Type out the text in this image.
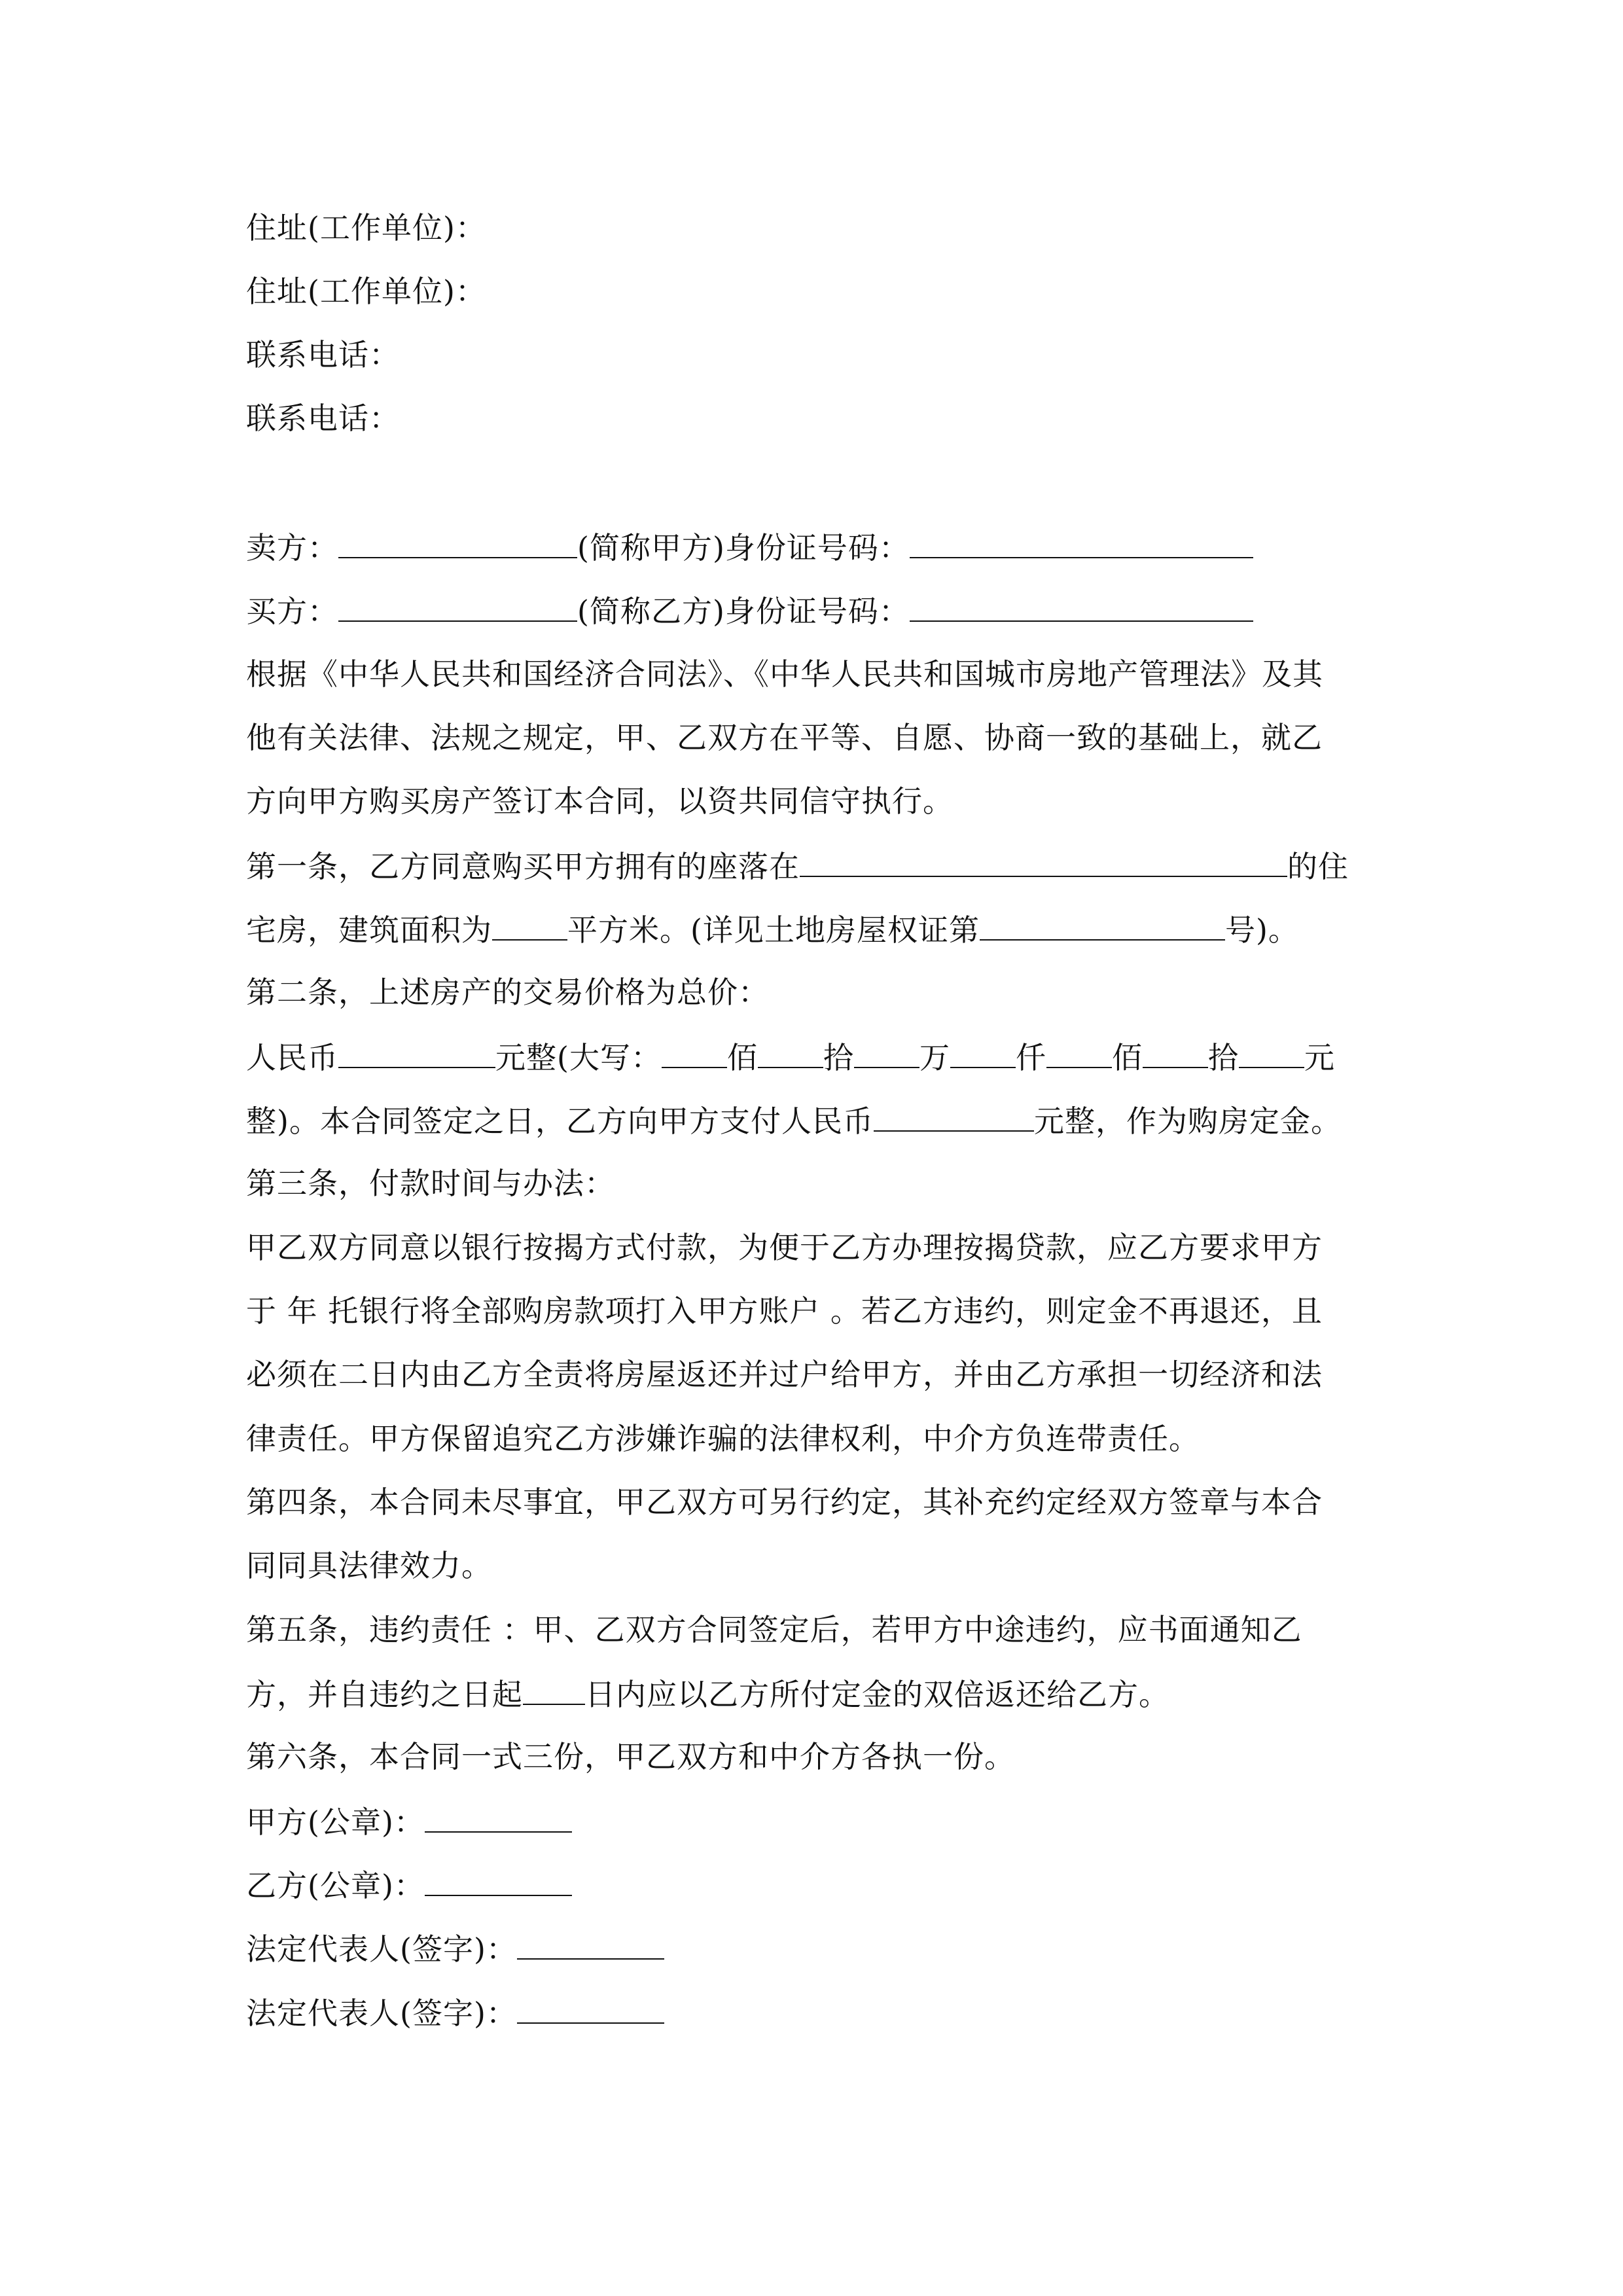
住址(工作单位)：
住址(工作单位)：
联系电话：
联系电话：
卖方：	(简称甲方)身份证号码：
买方：	(简称乙方)身份证号码：
根据《中华人民共和国经济合同法》、《中华人民共和国城市房地产管理法》及其
他有关法律、法规之规定，甲、乙双方在平等、自愿、协商一致的基础上，就乙
方向甲方购买房产签订本合同，以资共同信守执行。
第一条，乙方同意购买甲方拥有的座落在	的住
宅房，建筑面积为	平方米。(详见土地房屋权证第	号)。
第二条，上述房产的交易价格为总价：
人民币	元整(大写： 佰 拾 万 仟 佰 拾 元
整)。本合同签定之日，乙方向甲方支付人民币	元整，作为购房定金。
第三条，付款时间与办法：
甲乙双方同意以银行按揭方式付款，为便于乙方办理按揭贷款，应乙方要求甲方
于 年 托银行将全部购房款项打入甲方账户 。若乙方违约，则定金不再退还，且
必须在二日内由乙方全责将房屋返还并过户给甲方，并由乙方承担一切经济和法
律责任。甲方保留追究乙方涉嫌诈骗的法律权利，中介方负连带责任。
第四条，本合同未尽事宜，甲乙双方可另行约定，其补充约定经双方签章与本合
同同具法律效力。
第五条，违约责任 ：甲、乙双方合同签定后，若甲方中途违约，应书面通知乙
方，并自违约之日起 日内应以乙方所付定金的双倍返还给乙方。
第六条，本合同一式三份，甲乙双方和中介方各执一份。
甲方(公章)：
乙方(公章)：
法定代表人(签字)：
法定代表人(签字)：
